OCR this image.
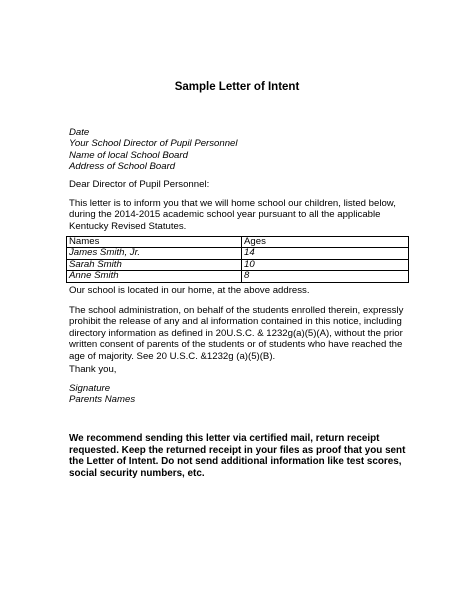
Sample Letter of Intent

Date
Your School Director of Pupil Personnel
Name of local School Board
Address of School Board

Dear Director of Pupil Personnel:

This letter is to inform you that we will home school our children, listed below,
during the 2014-2015 academic school year pursuant to all the applicable
Kentucky Revised Statutes.

Names	Ages
James Smith, Jr.	14
Sarah Smith	10
Anne Smith	8

Our school is located in our home, at the above address.

The school administration, on behalf of the students enrolled therein, expressly
prohibit the release of any and al information contained in this notice, including
directory information as defined in 20U.S.C. & 1232g(a)(5)(A), without the prior
written consent of parents of the students or of students who have reached the
age of majority. See 20 U.S.C. &1232g (a)(5)(B).

Thank you,

Signature
Parents Names

We recommend sending this letter via certified mail, return receipt
requested. Keep the returned receipt in your files as proof that you sent
the Letter of Intent. Do not send additional information like test scores,
social security numbers, etc.
